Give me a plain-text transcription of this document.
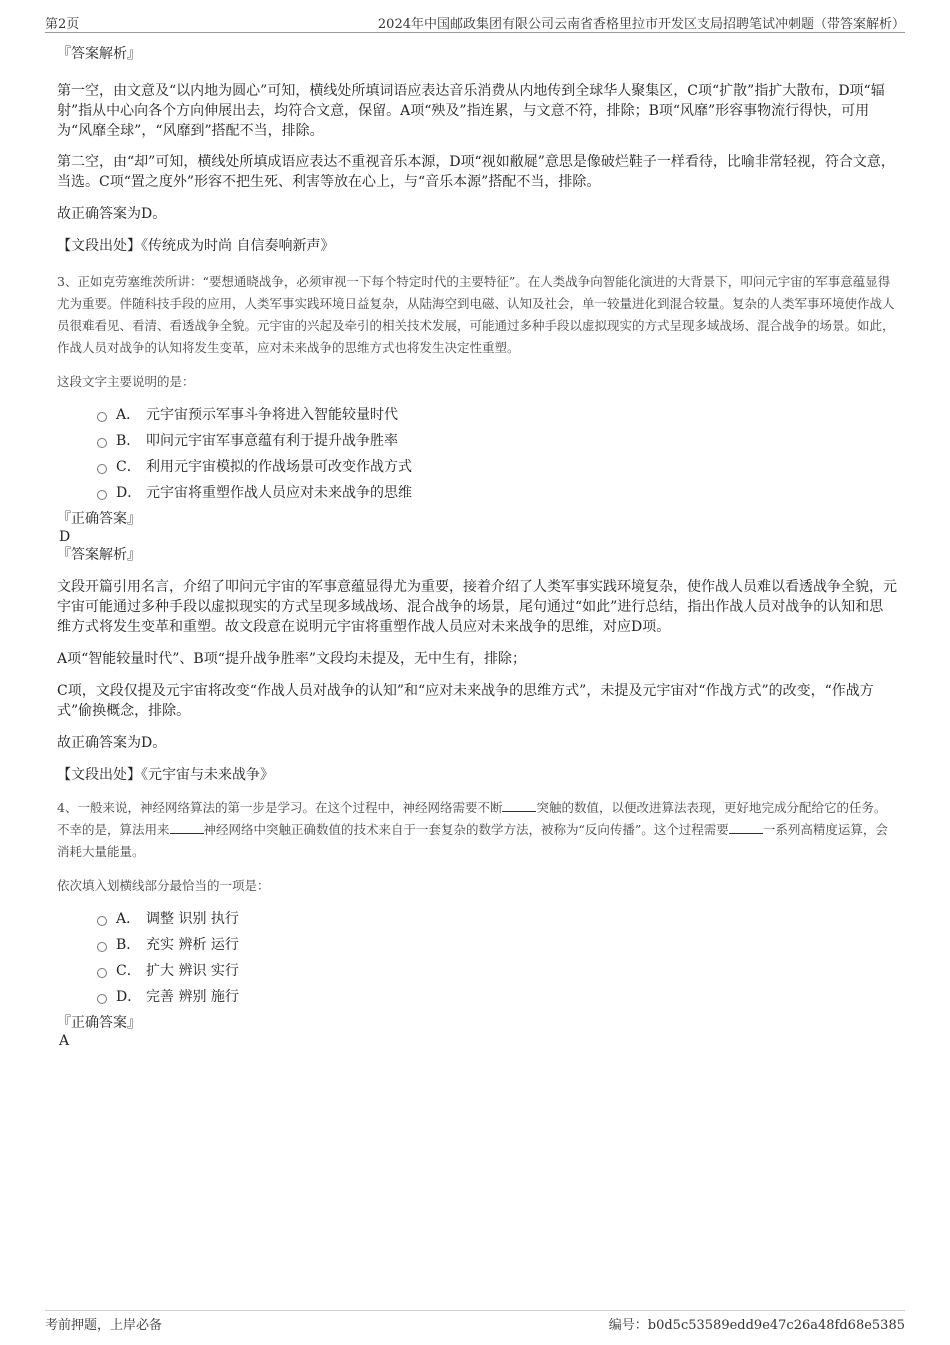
第2页	2024年中国邮政集团有限公司云南省香格里拉市开发区支局招聘笔试冲刺题（带答案解析）
『答案解析』

第一空，由文意及“以内地为圆心”可知，横线处所填词语应表达音乐消费从内地传到全球华人聚集区，C项“扩散”指扩大散布，D项“辐射”指从中心向各个方向伸展出去，均符合文意，保留。A项“殃及”指连累，与文意不符，排除；B项“风靡”形容事物流行得快，可用为“风靡全球”，“风靡到”搭配不当，排除。

第二空，由“却”可知，横线处所填成语应表达不重视音乐本源，D项“视如敝屣”意思是像破烂鞋子一样看待，比喻非常轻视，符合文意，当选。C项“置之度外”形容不把生死、利害等放在心上，与“音乐本源”搭配不当，排除。

故正确答案为D。

【文段出处】《传统成为时尚 自信奏响新声》

3、正如克劳塞维茨所讲：“要想通晓战争，必须审视一下每个特定时代的主要特征”。在人类战争向智能化演进的大背景下，叩问元宇宙的军事意蕴显得尤为重要。伴随科技手段的应用，人类军事实践环境日益复杂，从陆海空到电磁、认知及社会，单一较量进化到混合较量。复杂的人类军事环境使作战人员很难看见、看清、看透战争全貌。元宇宙的兴起及牵引的相关技术发展，可能通过多种手段以虚拟现实的方式呈现多域战场、混合战争的场景。如此，作战人员对战争的认知将发生变革，应对未来战争的思维方式也将发生决定性重塑。

这段文字主要说明的是：

A． 元宇宙预示军事斗争将进入智能较量时代
B． 叩问元宇宙军事意蕴有利于提升战争胜率
C． 利用元宇宙模拟的作战场景可改变作战方式
D． 元宇宙将重塑作战人员应对未来战争的思维
『正确答案』
D
『答案解析』

文段开篇引用名言，介绍了叩问元宇宙的军事意蕴显得尤为重要，接着介绍了人类军事实践环境复杂，使作战人员难以看透战争全貌，元宇宙可能通过多种手段以虚拟现实的方式呈现多域战场、混合战争的场景，尾句通过“如此”进行总结，指出作战人员对战争的认知和思维方式将发生变革和重塑。故文段意在说明元宇宙将重塑作战人员应对未来战争的思维，对应D项。

A项“智能较量时代”、B项“提升战争胜率”文段均未提及，无中生有，排除；

C项，文段仅提及元宇宙将改变“作战人员对战争的认知”和“应对未来战争的思维方式”，未提及元宇宙对“作战方式”的改变，“作战方式”偷换概念，排除。

故正确答案为D。

【文段出处】《元宇宙与未来战争》

4、一般来说，神经网络算法的第一步是学习。在这个过程中，神经网络需要不断	突触的数值，以便改进算法表现，更好地完成分配给它的任务。不幸的是，算法用来	神经网络中突触正确数值的技术来自于一套复杂的数学方法，被称为“反向传播”。这个过程需要	一系列高精度运算，会消耗大量能量。

依次填入划横线部分最恰当的一项是：

A． 调整 识别 执行
B． 充实 辨析 运行
C． 扩大 辨识 实行
D． 完善 辨别 施行
『正确答案』
A
考前押题，上岸必备	编号：b0d5c53589edd9e47c26a48fd68e5385
